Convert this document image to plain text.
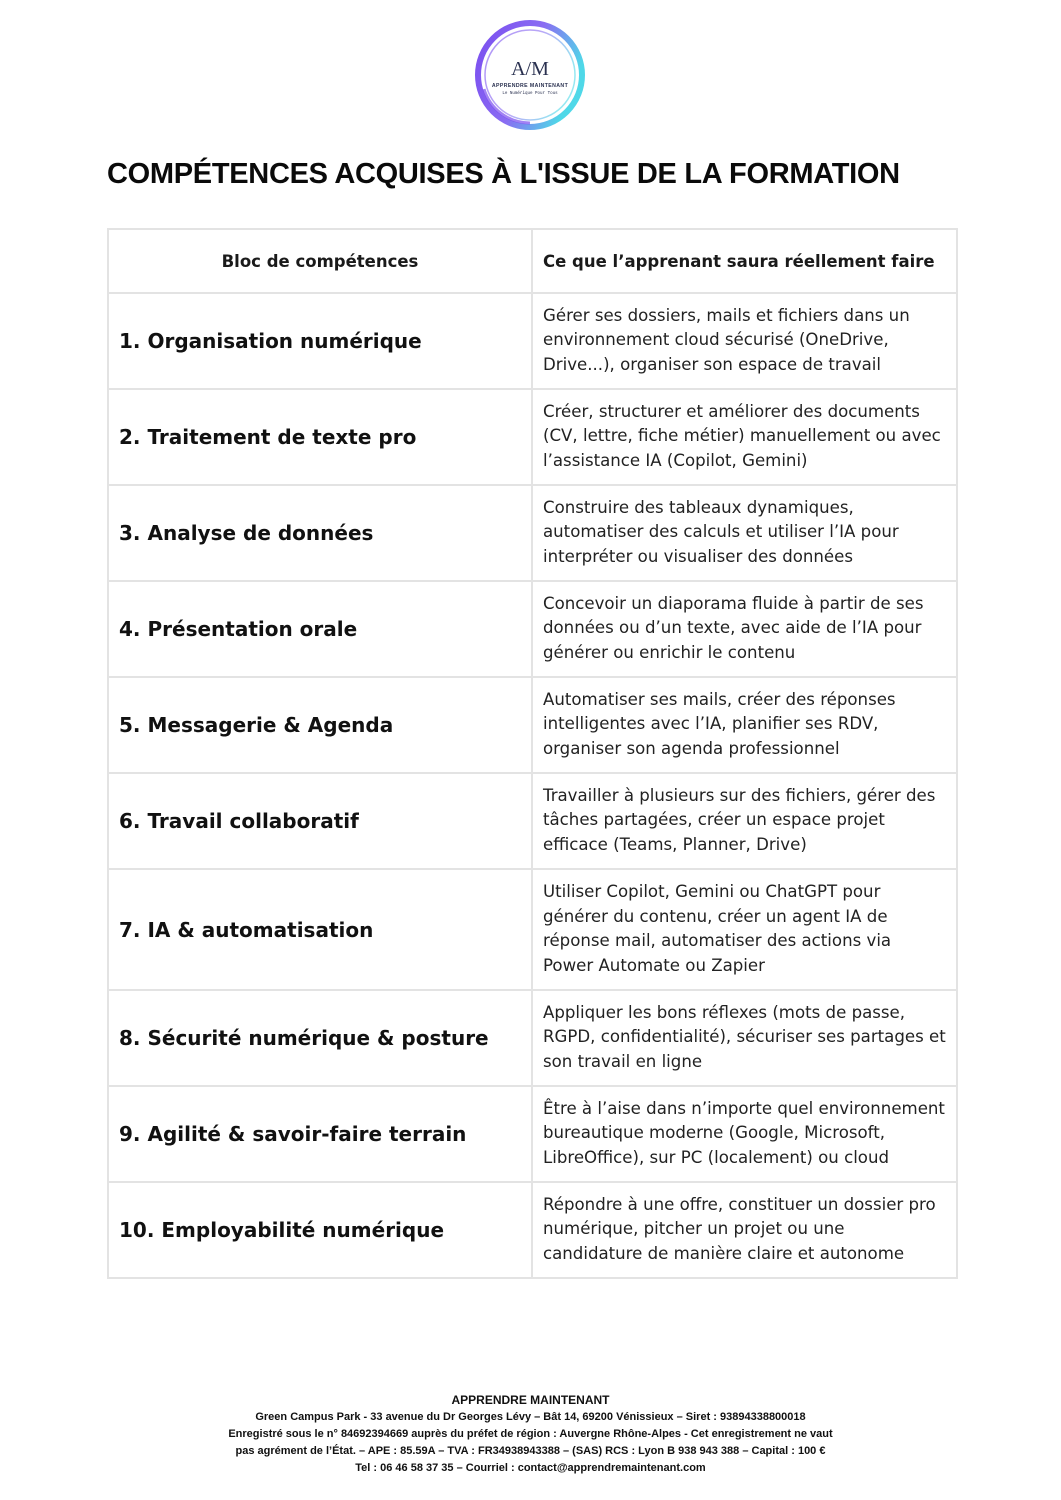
A/M
APPRENDRE MAINTENANT
Le Numérique Pour Tous
COMPÉTENCES ACQUISES À L'ISSUE DE LA FORMATION
Bloc de compétences	Ce que l’apprenant saura réellement faire
1. Organisation numérique	Gérer ses dossiers, mails et fichiers dans un environnement cloud sécurisé (OneDrive, Drive...), organiser son espace de travail
2. Traitement de texte pro	Créer, structurer et améliorer des documents (CV, lettre, fiche métier) manuellement ou avec l’assistance IA (Copilot, Gemini)
3. Analyse de données	Construire des tableaux dynamiques, automatiser des calculs et utiliser l’IA pour interpréter ou visualiser des données
4. Présentation orale	Concevoir un diaporama fluide à partir de ses données ou d’un texte, avec aide de l’IA pour générer ou enrichir le contenu
5. Messagerie & Agenda	Automatiser ses mails, créer des réponses intelligentes avec l’IA, planifier ses RDV, organiser son agenda professionnel
6. Travail collaboratif	Travailler à plusieurs sur des fichiers, gérer des tâches partagées, créer un espace projet efficace (Teams, Planner, Drive)
7. IA & automatisation	Utiliser Copilot, Gemini ou ChatGPT pour générer du contenu, créer un agent IA de réponse mail, automatiser des actions via Power Automate ou Zapier
8. Sécurité numérique & posture	Appliquer les bons réflexes (mots de passe, RGPD, confidentialité), sécuriser ses partages et son travail en ligne
9. Agilité & savoir-faire terrain	Être à l’aise dans n’importe quel environnement bureautique moderne (Google, Microsoft, LibreOffice), sur PC (localement) ou cloud
10. Employabilité numérique	Répondre à une offre, constituer un dossier pro numérique, pitcher un projet ou une candidature de manière claire et autonome
APPRENDRE MAINTENANT
Green Campus Park - 33 avenue du Dr Georges Lévy – Bât 14, 69200 Vénissieux – Siret : 93894338800018
Enregistré sous le n° 84692394669 auprès du préfet de région : Auvergne Rhône-Alpes - Cet enregistrement ne vaut
pas agrément de l’État. – APE : 85.59A – TVA : FR34938943388 – (SAS) RCS : Lyon B 938 943 388 – Capital : 100 €
Tel : 06 46 58 37 35 – Courriel : contact@apprendremaintenant.com
